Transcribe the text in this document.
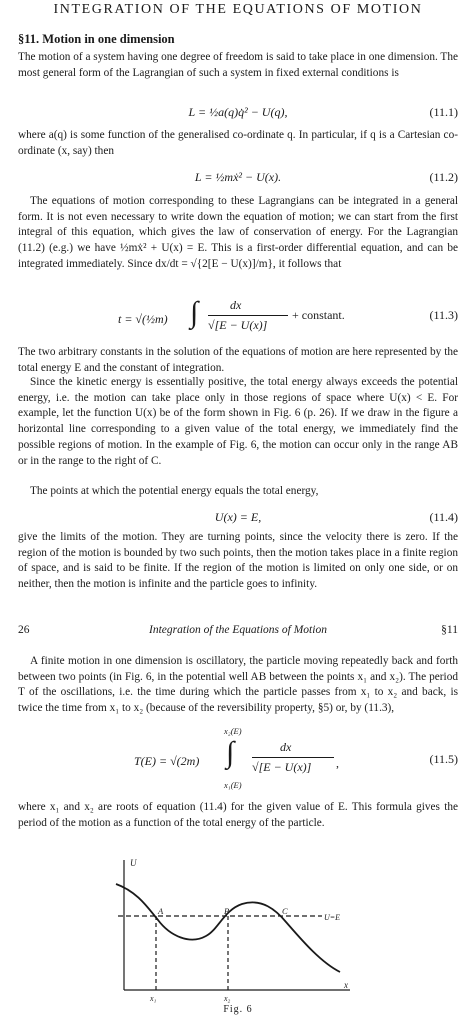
INTEGRATION OF THE EQUATIONS OF MOTION
§11. Motion in one dimension

The motion of a system having one degree of freedom is said to take place in one dimension. The most general form of the Lagrangian of such a system in fixed external conditions is

L = ½a(q)q̇² − U(q),	(11.1)

where a(q) is some function of the generalised co-ordinate q. In particular, if q is a Cartesian co-ordinate (x, say) then

L = ½mẋ² − U(x).	(11.2)

The equations of motion corresponding to these Lagrangians can be integrated in a general form. It is not even necessary to write down the equation of motion; we can start from the first integral of this equation, which gives the law of conservation of energy. For the Lagrangian (11.2) (e.g.) we have ½mẋ² + U(x) = E. This is a first-order differential equation, and can be integrated immediately. Since dx/dt = √{2[E − U(x)]/m}, it follows that

t = √(½m) ∫	dx
√[E − U(x)]
+ constant.	(11.3)

The two arbitrary constants in the solution of the equations of motion are here represented by the total energy E and the constant of integration.

Since the kinetic energy is essentially positive, the total energy always exceeds the potential energy, i.e. the motion can take place only in those regions of space where U(x) < E. For example, let the function U(x) be of the form shown in Fig. 6 (p. 26). If we draw in the figure a horizontal line corresponding to a given value of the total energy, we immediately find the possible regions of motion. In the example of Fig. 6, the motion can occur only in the range AB or in the range to the right of C.

The points at which the potential energy equals the total energy,

U(x) = E,	(11.4)

give the limits of the motion. They are turning points, since the velocity there is zero. If the region of the motion is bounded by two such points, then the motion takes place in a finite region of space, and is said to be finite. If the region of the motion is limited on only one side, or on neither, then the motion is infinite and the particle goes to infinity.

26	Integration of the Equations of Motion	§11

A finite motion in one dimension is oscillatory, the particle moving repeatedly back and forth between two points (in Fig. 6, in the potential well AB between the points x₁ and x₂). The period T of the oscillations, i.e. the time during which the particle passes from x₁ to x₂ and back, is twice the time from x₁ to x₂ (because of the reversibility property, §5) or, by (11.3),

T(E) = √(2m)
x₂(E)
∫
x₁(E)
dx
√[E − U(x)] ,	(11.5)

where x₁ and x₂ are roots of equation (11.4) for the given value of E. This formula gives the period of the motion as a function of the total energy of the particle.

U
x
A	B	C
U=E
x₁	x₂
Fig. 6
